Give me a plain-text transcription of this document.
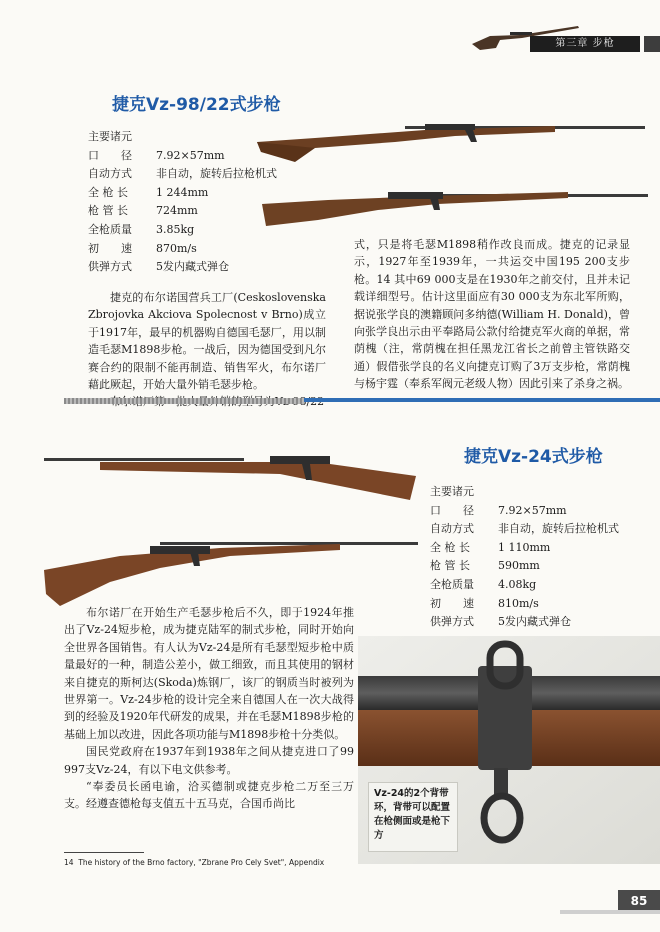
第三章 步枪
捷克Vz-98/22式步枪
主要诸元
口　　径	7.92×57mm
自动方式	非自动，旋转后拉枪机式
全 枪 长	1 244mm
枪 管 长	724mm
全枪质量	3.85kg
初　　速	870m/s
供弹方式	5发内藏式弹仓

捷克的布尔诺国营兵工厂(Ceskoslovenska Zbrojovka Akciova Spolecnost v Brno)成立于1917年，最早的机器购自德国毛瑟厂，用以制造毛瑟M1898步枪。一战后，因为德国受到凡尔赛合约的限制不能再制造、销售军火，布尔诺厂藉此厥起，开始大量外销毛瑟步枪。

式，只是将毛瑟M1898稍作改良而成。捷克的记录显示，1927年至1939年，一共运交中国195 200支步枪。14 其中69 000支是在1930年之前交付，且并未记载详细型号。估计这里面应有30 000支为东北军所购，据说张学良的澳籍顾问多纳德(William H. Donald)，曾向张学良出示由平奉路局公款付给捷克军火商的单据，常荫槐（注，常荫槐在担任黑龙江省长之前曾主管铁路交通）假借张学良的名义向捷克订购了3万支步枪，常荫槐与杨宇霆（奉系军阀元老级人物）因此引来了杀身之祸。

捷克Vz-24式步枪
主要诸元
口　　径	7.92×57mm
自动方式	非自动，旋转后拉枪机式
全 枪 长	1 110mm
枪 管 长	590mm
全枪质量	4.08kg
初　　速	810m/s
供弹方式	5发内藏式弹仓

布尔诺厂在开始生产毛瑟步枪后不久，即于1924年推出了Vz-24短步枪，成为捷克陆军的制式步枪，同时开始向全世界各国销售。有人认为Vz-24是所有毛瑟型短步枪中质量最好的一种，制造公差小，做工细致，而且其使用的钢材来自捷克的斯柯达(Skoda)炼钢厂，该厂的钢质当时被列为世界第一。Vz-24步枪的设计完全来自德国人在一次大战得到的经验及1920年代研发的成果，并在毛瑟M1898步枪的基础上加以改进，因此各项功能与M1898步枪十分类似。

国民党政府在1937年到1938年之间从捷克进口了99 997支Vz-24，有以下电文供参考。

“奉委员长函电谕，洽买德制或捷克步枪二万至三万支。经遵查德枪每支值五十五马克，合国币尚比

Vz-24的2个背带环，背带可以配置在枪侧面或是枪下方
14 The history of the Brno factory, "Zbrane Pro Cely Svet", Appendix
85
